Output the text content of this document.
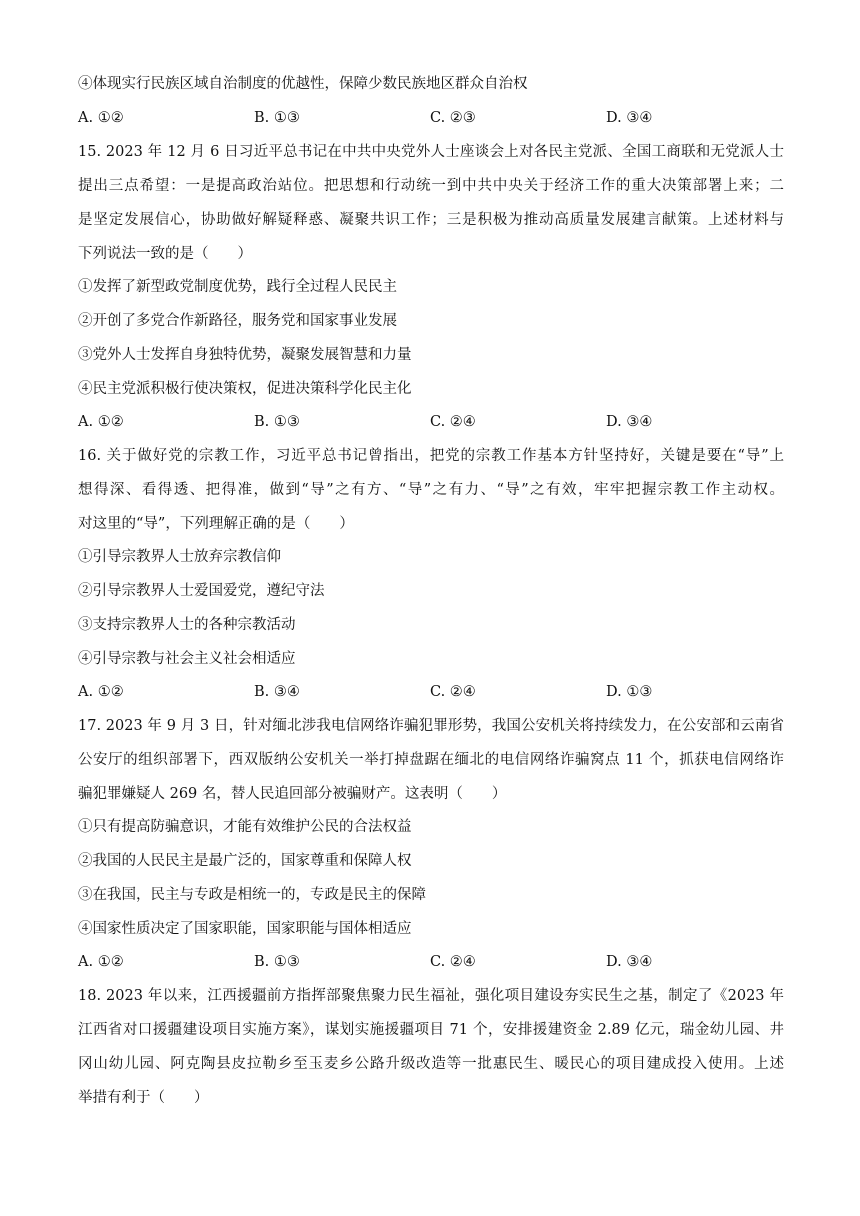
④体现实行民族区域自治制度的优越性，保障少数民族地区群众自治权
A. ①②	B. ①③	C. ②③	D. ③④
15. 2023 年 12 月 6 日习近平总书记在中共中央党外人士座谈会上对各民主党派、全国工商联和无党派人士
提出三点希望：一是提高政治站位。把思想和行动统一到中共中央关于经济工作的重大决策部署上来；二
是坚定发展信心，协助做好解疑释惑、凝聚共识工作；三是积极为推动高质量发展建言献策。上述材料与
下列说法一致的是（　　）
①发挥了新型政党制度优势，践行全过程人民民主
②开创了多党合作新路径，服务党和国家事业发展
③党外人士发挥自身独特优势，凝聚发展智慧和力量
④民主党派积极行使决策权，促进决策科学化民主化
A. ①②	B. ①③	C. ②④	D. ③④
16. 关于做好党的宗教工作，习近平总书记曾指出，把党的宗教工作基本方针坚持好，关键是要在“导”上
想得深、看得透、把得准，做到“导”之有方、“导”之有力、“导”之有效，牢牢把握宗教工作主动权。
对这里的“导”，下列理解正确的是（　　）
①引导宗教界人士放弃宗教信仰
②引导宗教界人士爱国爱党，遵纪守法
③支持宗教界人士的各种宗教活动
④引导宗教与社会主义社会相适应
A. ①②	B. ③④	C. ②④	D. ①③
17. 2023 年 9 月 3 日，针对缅北涉我电信网络诈骗犯罪形势，我国公安机关将持续发力，在公安部和云南省
公安厅的组织部署下，西双版纳公安机关一举打掉盘踞在缅北的电信网络诈骗窝点 11 个，抓获电信网络诈
骗犯罪嫌疑人 269 名，替人民追回部分被骗财产。这表明（　　）
①只有提高防骗意识，才能有效维护公民的合法权益
②我国的人民民主是最广泛的，国家尊重和保障人权
③在我国，民主与专政是相统一的，专政是民主的保障
④国家性质决定了国家职能，国家职能与国体相适应
A. ①②	B. ①③	C. ②④	D. ③④
18. 2023 年以来，江西援疆前方指挥部聚焦聚力民生福祉，强化项目建设夯实民生之基，制定了《2023 年
江西省对口援疆建设项目实施方案》，谋划实施援疆项目 71 个，安排援建资金 2.89 亿元，瑞金幼儿园、井
冈山幼儿园、阿克陶县皮拉勒乡至玉麦乡公路升级改造等一批惠民生、暖民心的项目建成投入使用。上述
举措有利于（　　）
